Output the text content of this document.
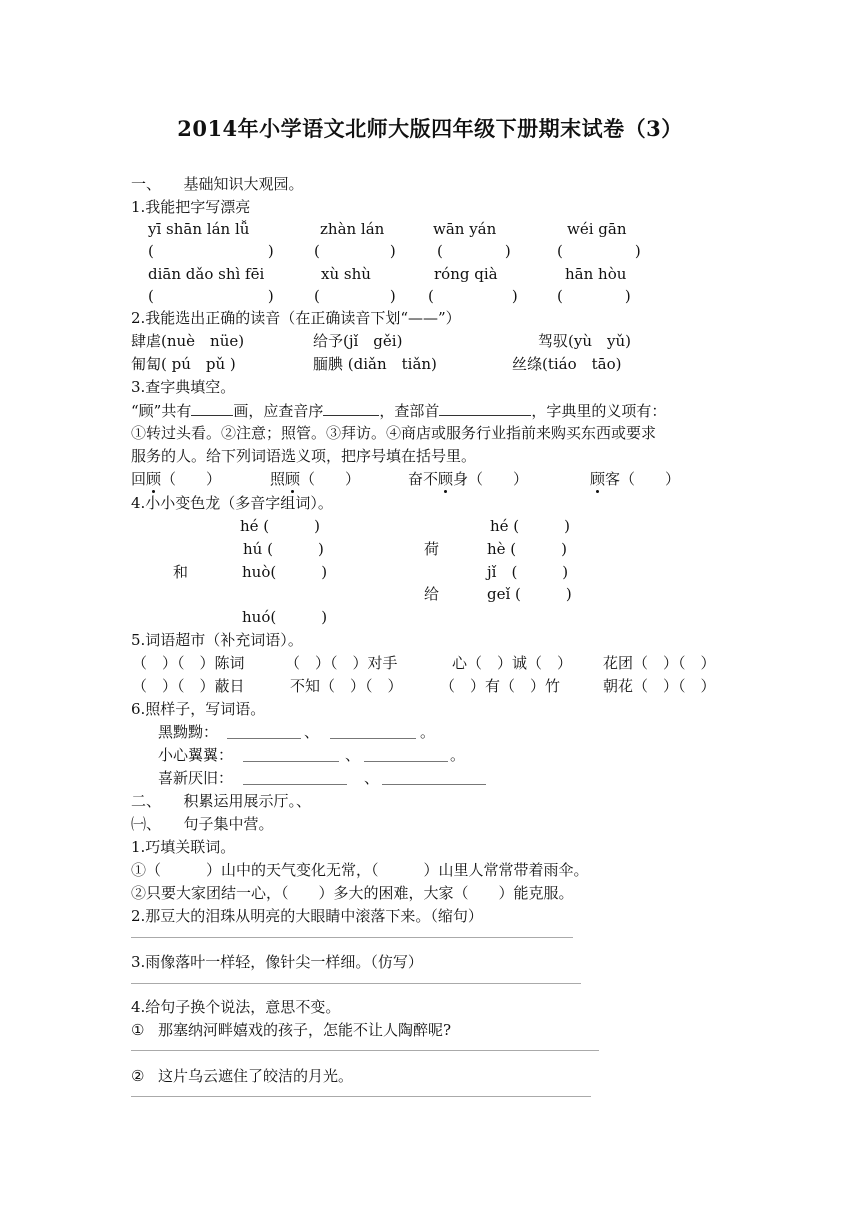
2014年小学语文北师大版四年级下册期末试卷（3）
一、　　基础知识大观园。
1.我能把字写漂亮
yī shān lán lǚ	zhàn lán	wān yán	wéi gān
(	)	(	)	(	)	(	)
diān dǎo shì fēi	xù shù	róng qià	hān hòu
(	)	(	) (	)	(	)
2.我能选出正确的读音（在正确读音下划“——”）
肆虐(nuè　nüe)	给予(jǐ　gěi)	驾驭(yù　yǔ)
匍匐( pú　pǔ )	腼腆 (diǎn　tiǎn)	丝绦(tiáo　tāo)
3.查字典填空。
“顾”共有	画，应查音序	，查部首	，字典里的义项有：
①转过头看。②注意；照管。③拜访。④商店或服务行业指前来购买东西或要求
服务的人。给下列词语选义项，把序号填在括号里。
回顾（　　）	照顾（　　）	奋不顾身（　　）	顾客（　　）
4.小小变色龙（多音字组词）。
hé (　　　)	hé (　　　)
hú (　　　)	荷	hè (　　　)
和	huò(　　　)	jǐ　(　　　)
给	geǐ (　　　)
huó(　　　)
5.词语超市（补充词语）。
（　）（　）陈词	（　）（　）对手	心（　）诚（　） 花团（　）（　）
（　）（　）蔽日	不知（　）（　） （　）有（　）竹	朝花（　）（　）
6.照样子，写词语。
黑黝黝：	、	。
小心翼翼：	、	。
喜新厌旧：	、
二、　　积累运用展示厅。、
㈠、　　句子集中营。
1.巧填关联词。
①（　　　）山中的天气变化无常，（　　　）山里人常常带着雨伞。
②只要大家团结一心，（　　）多大的困难，大家（　　）能克服。
2.那豆大的泪珠从明亮的大眼睛中滚落下来。（缩句）
3.雨像落叶一样轻，像针尖一样细。（仿写）
4.给句子换个说法，意思不变。
① 那塞纳河畔嬉戏的孩子，怎能不让人陶醉呢?
② 这片乌云遮住了皎洁的月光。
